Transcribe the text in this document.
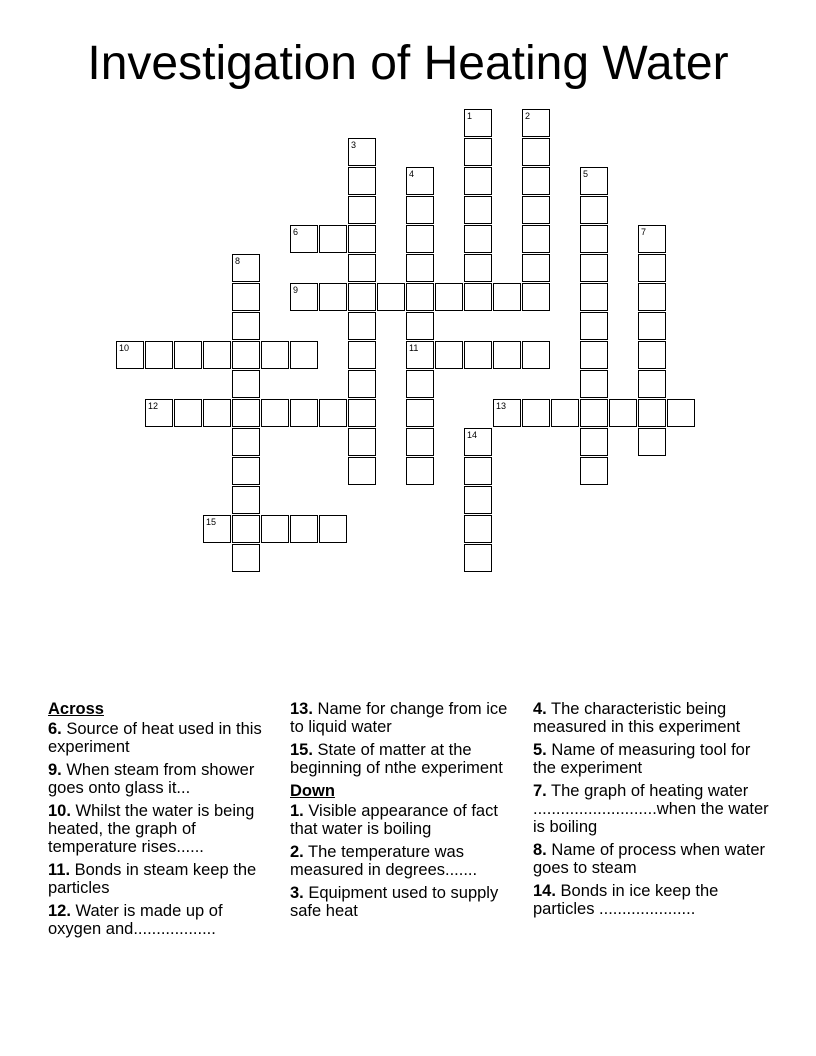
Investigation of Heating Water
1	2
3
4	5
6	7
8
9
10	11
12	13
14
15
Across
6. Source of heat used in this experiment
9. When steam from shower goes onto glass it...
10. Whilst the water is being heated, the graph of temperature rises......
11. Bonds in steam keep the particles
12. Water is made up of oxygen and..................
13. Name for change from ice to liquid water
15. State of matter at the beginning of nthe experiment
Down
1. Visible appearance of fact that water is boiling
2. The temperature was measured in degrees.......
3. Equipment used to supply safe heat
4. The characteristic being measured in this experiment
5. Name of measuring tool for the experiment
7. The graph of heating water ...........................when the water is boiling
8. Name of process when water goes to steam
14. Bonds in ice keep the particles .....................
